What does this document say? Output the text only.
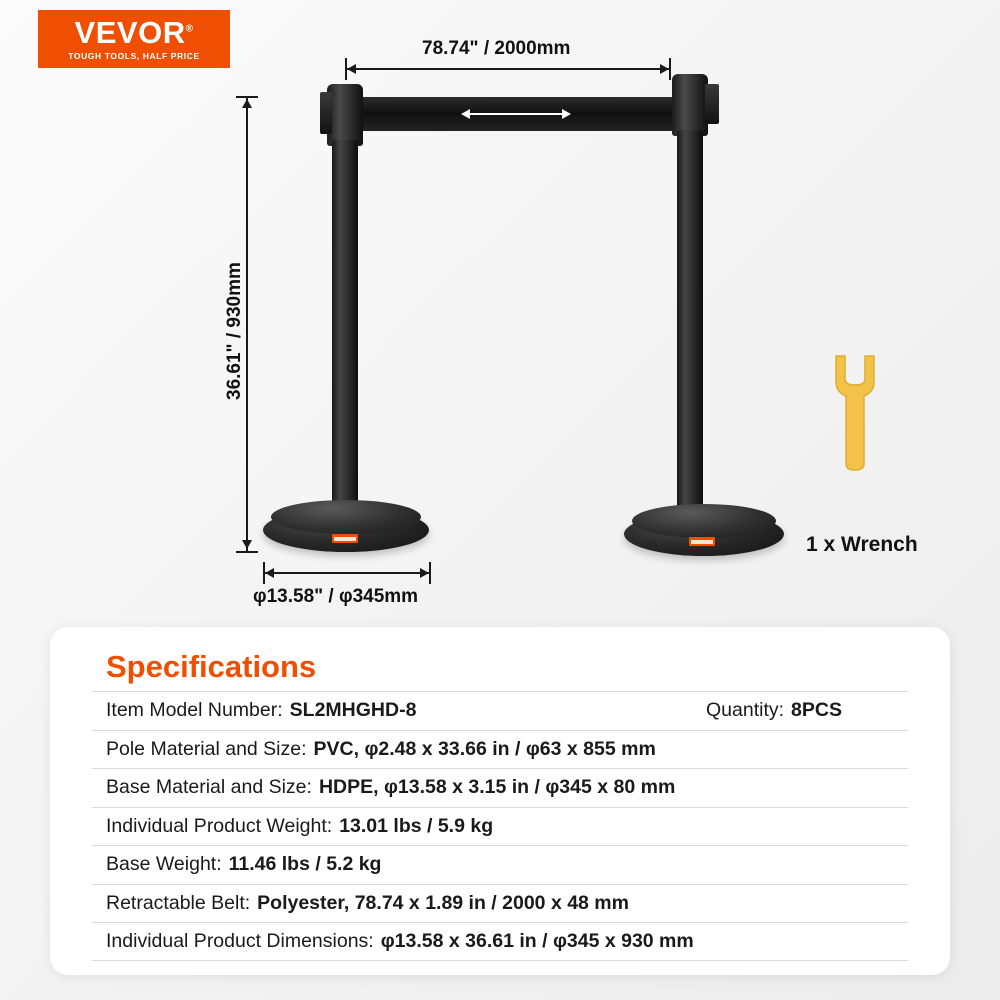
VEVOR®
TOUGH TOOLS, HALF PRICE	78.74" / 2000mm
36.61" / 930mm
φ13.58" / φ345mm
1 x Wrench
Specifications
Item Model Number: SL2MHGHD-8	Quantity: 8PCS
Pole Material and Size: PVC, φ2.48 x 33.66 in / φ63 x 855 mm
Base Material and Size: HDPE, φ13.58 x 3.15 in / φ345 x 80 mm
Individual Product Weight: 13.01 lbs / 5.9 kg
Base Weight: 11.46 lbs / 5.2 kg
Retractable Belt: Polyester, 78.74 x 1.89 in / 2000 x 48 mm
Individual Product Dimensions: φ13.58 x 36.61 in / φ345 x 930 mm
